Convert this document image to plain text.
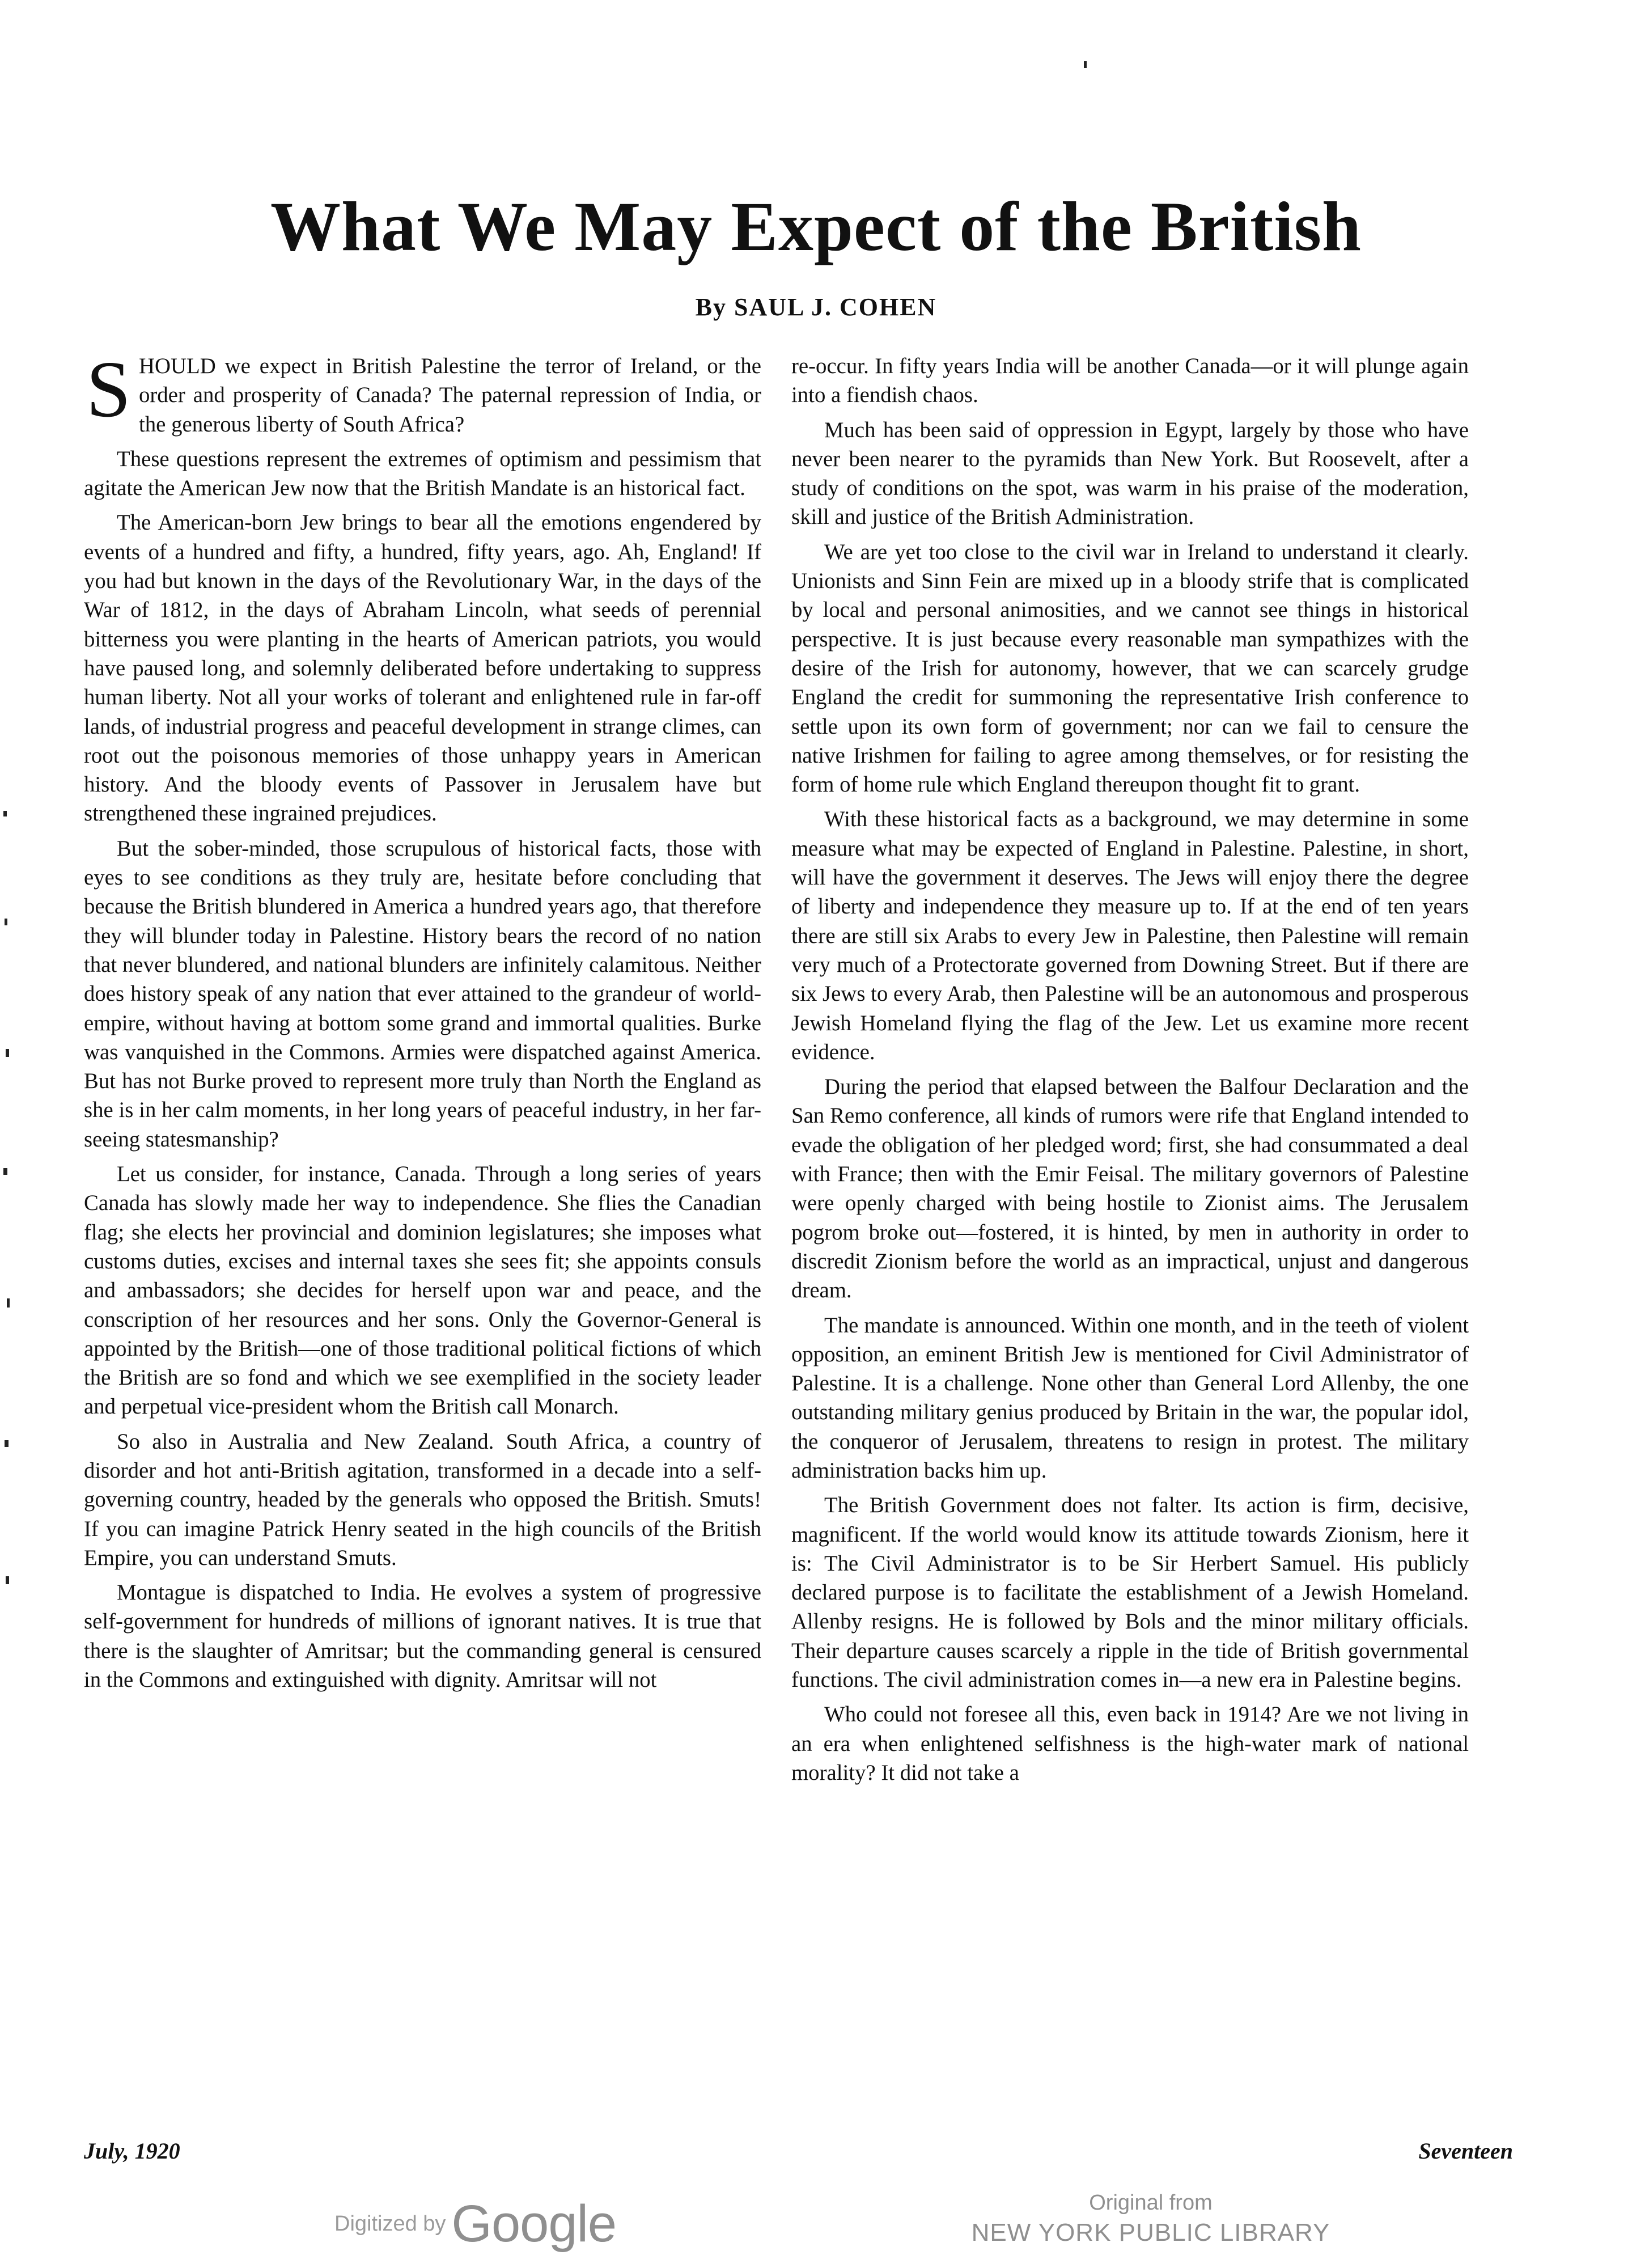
What We May Expect of the British
By SAUL J. COHEN

SHOULD we expect in British Palestine the terror of Ireland, or the order and prosperity of Canada? The paternal repression of India, or the generous liberty of South Africa?

These questions represent the extremes of optimism and pessimism that agitate the American Jew now that the British Mandate is an historical fact.

The American-born Jew brings to bear all the emotions engendered by events of a hundred and fifty, a hundred, fifty years, ago. Ah, England! If you had but known in the days of the Revolutionary War, in the days of the War of 1812, in the days of Abraham Lincoln, what seeds of perennial bitterness you were planting in the hearts of American patriots, you would have paused long, and solemnly deliberated before undertaking to suppress human liberty. Not all your works of tolerant and enlightened rule in far-off lands, of industrial progress and peaceful development in strange climes, can root out the poisonous memories of those unhappy years in American history. And the bloody events of Passover in Jerusalem have but strengthened these ingrained prejudices.

But the sober-minded, those scrupulous of historical facts, those with eyes to see conditions as they truly are, hesitate before concluding that because the British blundered in America a hundred years ago, that therefore they will blunder today in Palestine. History bears the record of no nation that never blundered, and national blunders are infinitely calamitous. Neither does history speak of any nation that ever attained to the grandeur of world-empire, without having at bottom some grand and immortal qualities. Burke was vanquished in the Commons. Armies were dispatched against America. But has not Burke proved to represent more truly than North the England as she is in her calm moments, in her long years of peaceful industry, in her far-seeing statesmanship?

Let us consider, for instance, Canada. Through a long series of years Canada has slowly made her way to independence. She flies the Canadian flag; she elects her provincial and dominion legislatures; she imposes what customs duties, excises and internal taxes she sees fit; she appoints consuls and ambassadors; she decides for herself upon war and peace, and the conscription of her resources and her sons. Only the Governor-General is appointed by the British—one of those traditional political fictions of which the British are so fond and which we see exemplified in the society leader and perpetual vice-president whom the British call Monarch.

So also in Australia and New Zealand. South Africa, a country of disorder and hot anti-British agitation, transformed in a decade into a self-governing country, headed by the generals who opposed the British. Smuts! If you can imagine Patrick Henry seated in the high councils of the British Empire, you can understand Smuts.

Montague is dispatched to India. He evolves a system of progressive self-government for hundreds of millions of ignorant natives. It is true that there is the slaughter of Amritsar; but the commanding general is censured in the Commons and extinguished with dignity. Amritsar will not

re-occur. In fifty years India will be another Canada—or it will plunge again into a fiendish chaos.

Much has been said of oppression in Egypt, largely by those who have never been nearer to the pyramids than New York. But Roosevelt, after a study of conditions on the spot, was warm in his praise of the moderation, skill and justice of the British Administration.

We are yet too close to the civil war in Ireland to understand it clearly. Unionists and Sinn Fein are mixed up in a bloody strife that is complicated by local and personal animosities, and we cannot see things in historical perspective. It is just because every reasonable man sympathizes with the desire of the Irish for autonomy, however, that we can scarcely grudge England the credit for summoning the representative Irish conference to settle upon its own form of government; nor can we fail to censure the native Irishmen for failing to agree among themselves, or for resisting the form of home rule which England thereupon thought fit to grant.

With these historical facts as a background, we may determine in some measure what may be expected of England in Palestine. Palestine, in short, will have the government it deserves. The Jews will enjoy there the degree of liberty and independence they measure up to. If at the end of ten years there are still six Arabs to every Jew in Palestine, then Palestine will remain very much of a Protectorate governed from Downing Street. But if there are six Jews to every Arab, then Palestine will be an autonomous and prosperous Jewish Homeland flying the flag of the Jew. Let us examine more recent evidence.

During the period that elapsed between the Balfour Declaration and the San Remo conference, all kinds of rumors were rife that England intended to evade the obligation of her pledged word; first, she had consummated a deal with France; then with the Emir Feisal. The military governors of Palestine were openly charged with being hostile to Zionist aims. The Jerusalem pogrom broke out—fostered, it is hinted, by men in authority in order to discredit Zionism before the world as an impractical, unjust and dangerous dream.

The mandate is announced. Within one month, and in the teeth of violent opposition, an eminent British Jew is mentioned for Civil Administrator of Palestine. It is a challenge. None other than General Lord Allenby, the one outstanding military genius produced by Britain in the war, the popular idol, the conqueror of Jerusalem, threatens to resign in protest. The military administration backs him up.

The British Government does not falter. Its action is firm, decisive, magnificent. If the world would know its attitude towards Zionism, here it is: The Civil Administrator is to be Sir Herbert Samuel. His publicly declared purpose is to facilitate the establishment of a Jewish Homeland. Allenby resigns. He is followed by Bols and the minor military officials. Their departure causes scarcely a ripple in the tide of British governmental functions. The civil administration comes in—a new era in Palestine begins.

Who could not foresee all this, even back in 1914? Are we not living in an era when enlightened selfishness is the high-water mark of national morality? It did not take a

July, 1920	Seventeen
Digitized by Google	Original from
NEW YORK PUBLIC LIBRARY
